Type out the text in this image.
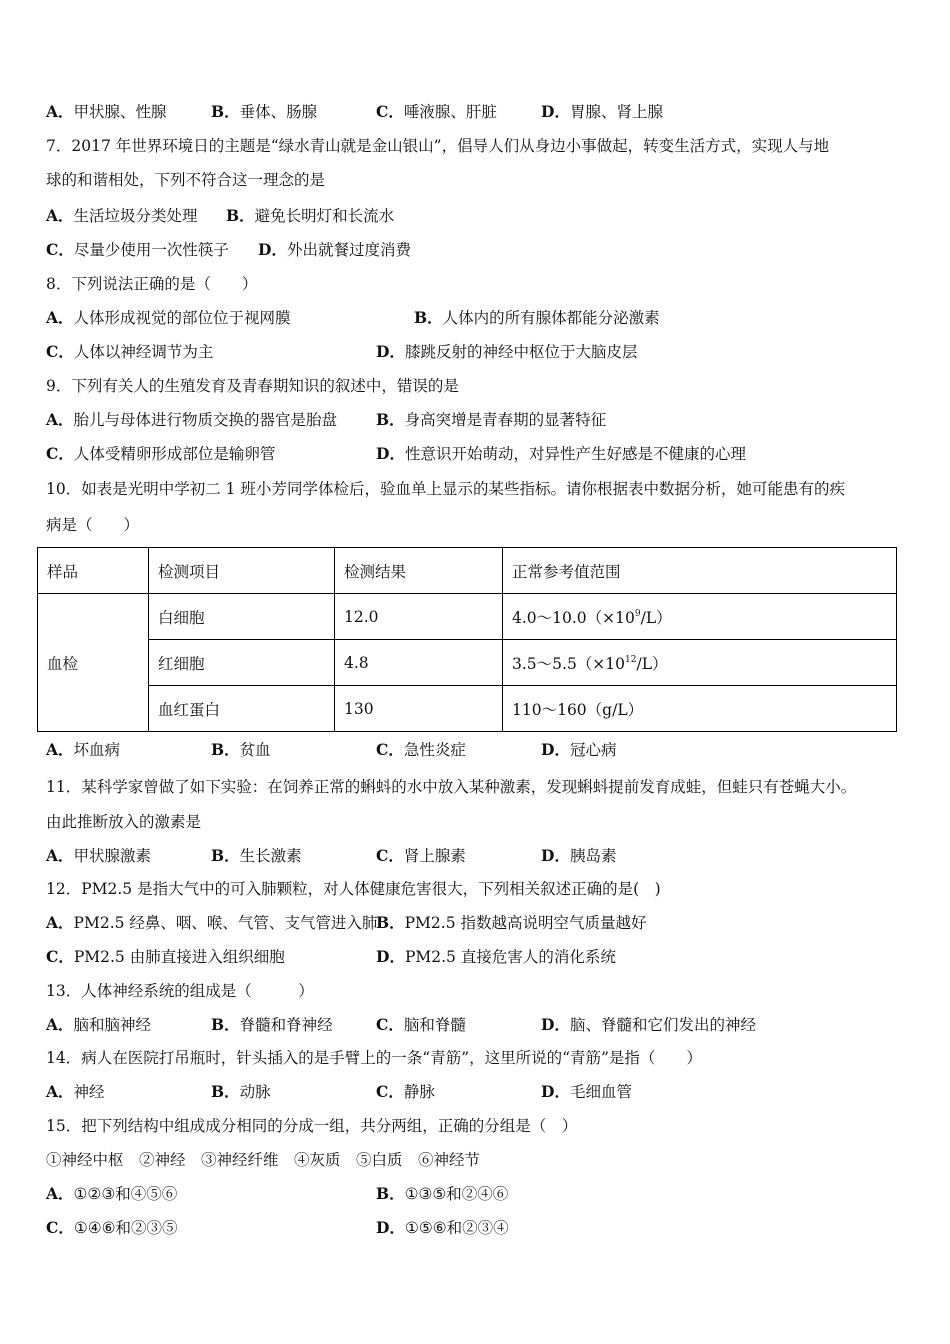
A．甲状腺、性腺	B．垂体、肠腺	C．唾液腺、肝脏	D．胃腺、肾上腺
7．2017 年世界环境日的主题是“绿水青山就是金山银山”，倡导人们从身边小事做起，转变生活方式，实现人与地
球的和谐相处，下列不符合这一理念的是
A．生活垃圾分类处理 B．避免长明灯和长流水
C．尽量少使用一次性筷子 D．外出就餐过度消费
8．下列说法正确的是（　　）
A．人体形成视觉的部位位于视网膜	B．人体内的所有腺体都能分泌激素
C．人体以神经调节为主	D．膝跳反射的神经中枢位于大脑皮层
9．下列有关人的生殖发育及青春期知识的叙述中，错误的是
A．胎儿与母体进行物质交换的器官是胎盘	B．身高突增是青春期的显著特征
C．人体受精卵形成部位是输卵管	D．性意识开始萌动，对异性产生好感是不健康的心理
10．如表是光明中学初二 1 班小芳同学体检后，验血单上显示的某些指标。请你根据表中数据分析，她可能患有的疾
病是（　　）
样品	检测项目	检测结果	正常参考值范围
血检	白细胞	12.0	$4.0\sim 10.0(\times 10^9/L)$
	红细胞	4.8	$3.5\sim 5.5(\times 10^{12}/L)$
	血红蛋白	130	110～160（g/L）
A．坏血病	B．贫血	C．急性炎症	D．冠心病
11．某科学家曾做了如下实验：在饲养正常的蝌蚪的水中放入某种激素，发现蝌蚪提前发育成蛙，但蛙只有苍蝇大小。
由此推断放入的激素是
A．甲状腺激素	B．生长激素	C．肾上腺素	D．胰岛素
12．PM2.5 是指大气中的可入肺颗粒，对人体健康危害很大，下列相关叙述正确的是(　)
A．PM2.5 经鼻、咽、喉、气管、支气管进入肺
B．PM2.5 指数越高说明空气质量越好
C．PM2.5 由肺直接进入组织细胞	D．PM2.5 直接危害人的消化系统
13．人体神经系统的组成是（　　　）
A．脑和脑神经	B．脊髓和脊神经	C．脑和脊髓	D．脑、脊髓和它们发出的神经
14．病人在医院打吊瓶时，针头插入的是手臂上的一条“青筋”，这里所说的“青筋”是指（　　）
A．神经	B．动脉	C．静脉	D．毛细血管
15．把下列结构中组成成分相同的分成一组，共分两组，正确的分组是（　）
①神经中枢　②神经　③神经纤维　④灰质　⑤白质　⑥神经节
A．①②③和④⑤⑥	B．①③⑤和②④⑥
C．①④⑥和②③⑤	D．①⑤⑥和②③④
